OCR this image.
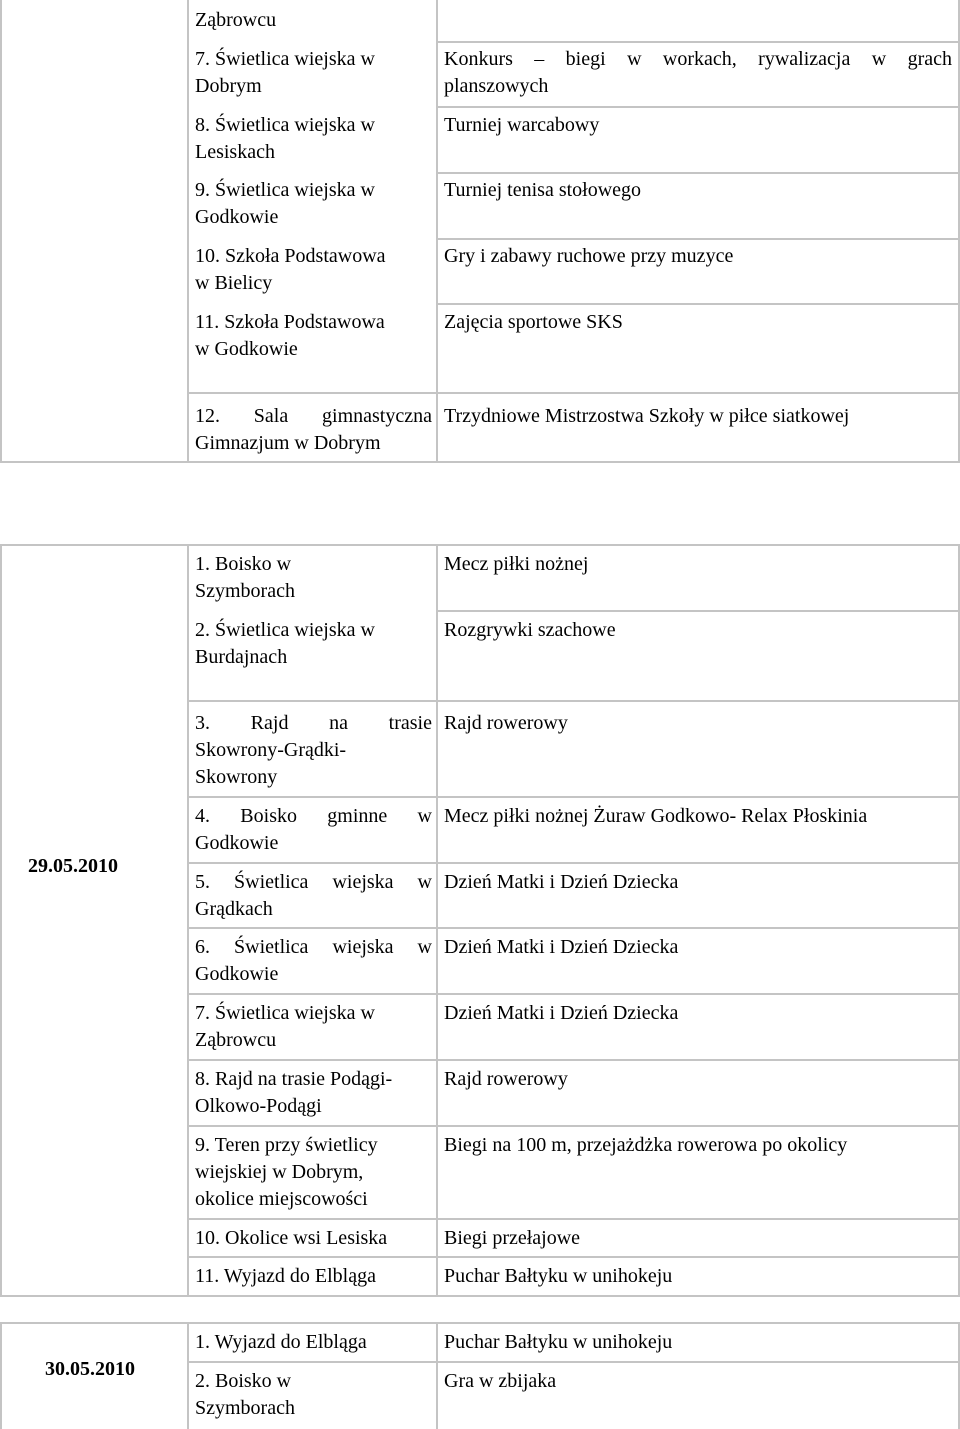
Ząbrowcu
7. Świetlica wiejska w
Dobrym
8. Świetlica wiejska w
Lesiskach
9. Świetlica wiejska w
Godkowie
10. Szkoła Podstawowa
w Bielicy
11. Szkoła Podstawowa
w Godkowie
12. Sala gimnastyczna
Gimnazjum w Dobrym
Konkurs – biegi w workach, rywalizacja w grach
planszowych
Turniej warcabowy
Turniej tenisa stołowego
Gry i zabawy ruchowe przy muzyce
Zajęcia sportowe SKS
Trzydniowe Mistrzostwa Szkoły w piłce siatkowej
29.05.2010
1. Boisko w
Szymborach
2. Świetlica wiejska w
Burdajnach
3. Rajd na trasie
Skowrony-Grądki-
Skowrony
4. Boisko gminne w
Godkowie
5. Świetlica wiejska w
Grądkach
6. Świetlica wiejska w
Godkowie
7. Świetlica wiejska w
Ząbrowcu
8. Rajd na trasie Podągi-
Olkowo-Podągi
9. Teren przy świetlicy
wiejskiej w Dobrym,
okolice miejscowości
10. Okolice wsi Lesiska
11. Wyjazd do Elbląga
Mecz piłki nożnej
Rozgrywki szachowe
Rajd rowerowy
Mecz piłki nożnej Żuraw Godkowo- Relax Płoskinia
Dzień Matki i Dzień Dziecka
Dzień Matki i Dzień Dziecka
Dzień Matki i Dzień Dziecka
Rajd rowerowy
Biegi na 100 m, przejażdżka rowerowa po okolicy
Biegi przełajowe
Puchar Bałtyku w unihokeju
30.05.2010
1. Wyjazd do Elbląga
2. Boisko w
Szymborach
Puchar Bałtyku w unihokeju
Gra w zbijaka
